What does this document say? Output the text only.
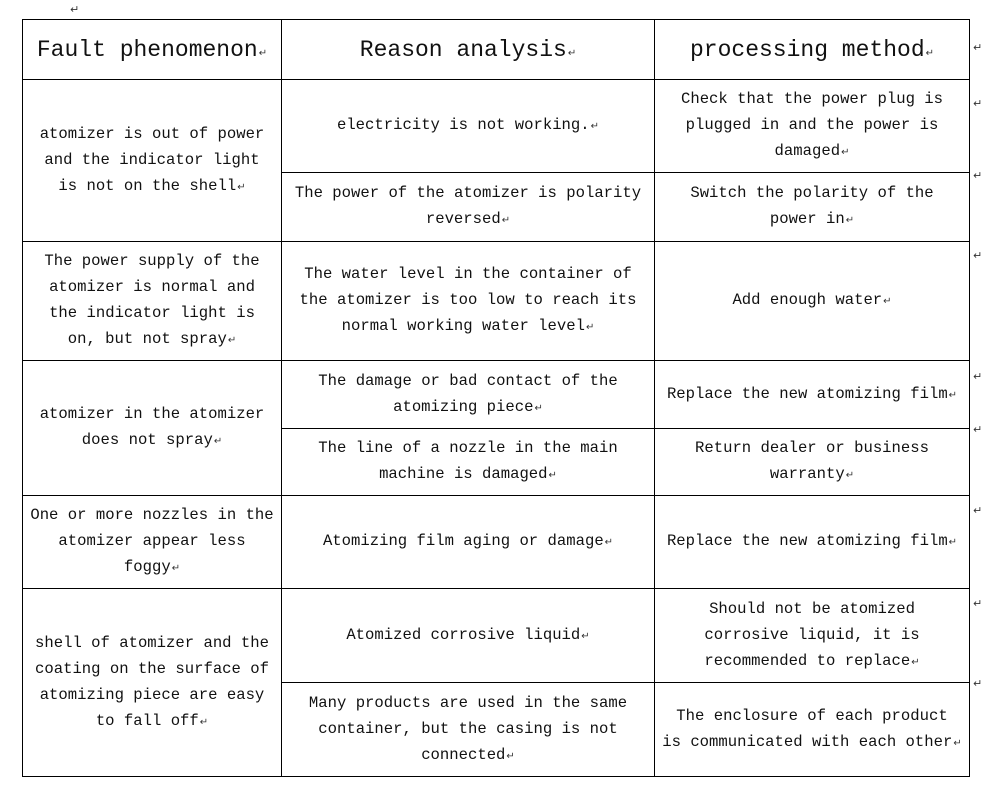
↵
Fault phenomenon↵	Reason analysis↵	processing method↵
atomizer is out of power
and the indicator light
is not on the shell↵	electricity is not working.↵	Check that the power plug is
plugged in and the power is
damaged↵
	The power of the atomizer is polarity
reversed↵	Switch the polarity of the
power in↵
The power supply of the
atomizer is normal and
the indicator light is
on, but not spray↵	The water level in the container of
the atomizer is too low to reach its
normal working water level↵	Add enough water↵
atomizer in the atomizer
does not spray↵	The damage or bad contact of the
atomizing piece↵	Replace the new atomizing film↵
	The line of a nozzle in the main
machine is damaged↵	Return dealer or business
warranty↵
One or more nozzles in the
atomizer appear less
foggy↵	Atomizing film aging or damage↵	Replace the new atomizing film↵
shell of atomizer and the
coating on the surface of
atomizing piece are easy
to fall off↵	Atomized corrosive liquid↵	Should not be atomized
corrosive liquid, it is
recommended to replace↵
	Many products are used in the same
container, but the casing is not
connected↵	The enclosure of each product
is communicated with each other↵
↵
↵
↵
↵
↵
↵
↵
↵
↵
